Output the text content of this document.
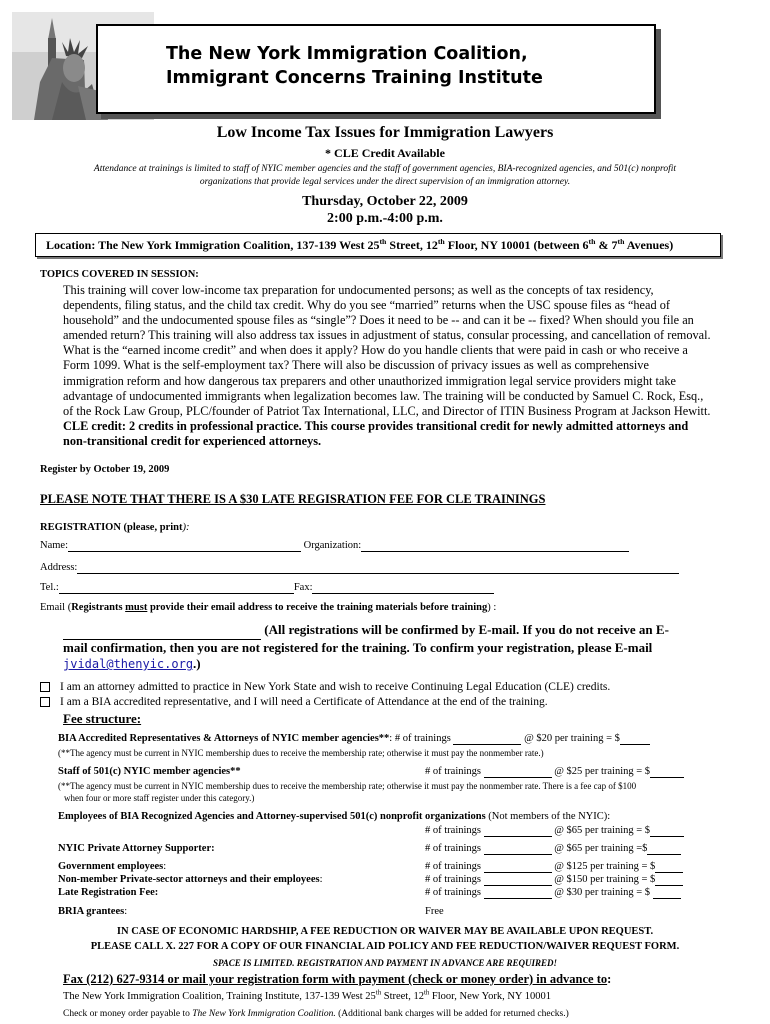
The New York Immigration Coalition,
Immigrant Concerns Training Institute
Low Income Tax Issues for Immigration Lawyers
* CLE Credit Available
Attendance at trainings is limited to staff of NYIC member agencies and the staff of government agencies, BIA-recognized agencies, and 501(c) nonprofit
organizations that provide legal services under the direct supervision of an immigration attorney.
Thursday, October 22, 2009
2:00 p.m.-4:00 p.m.
Location: The New York Immigration Coalition, 137-139 West 25th Street, 12th Floor, NY 10001 (between 6th & 7th Avenues)
TOPICS COVERED IN SESSION:
This training will cover low-income tax preparation for undocumented persons; as well as the concepts of tax residency, dependents, filing status, and the child tax credit. Why do you see “married” returns when the USC spouse files as “head of household” and the undocumented spouse files as “single”? Does it need to be -- and can it be -- fixed? When should you file an amended return? This training will also address tax issues in adjustment of status, consular processing, and cancellation of removal. What is the “earned income credit” and when does it apply? How do you handle clients that were paid in cash or who receive a Form 1099. What is the self-employment tax? There will also be discussion of privacy issues as well as comprehensive immigration reform and how dangerous tax preparers and other unauthorized immigration legal service providers might take advantage of undocumented immigrants when legalization becomes law. The training will be conducted by Samuel C. Rock, Esq., of the Rock Law Group, PLC/founder of Patriot Tax International, LLC, and Director of ITIN Business Program at Jackson Hewitt. CLE credit: 2 credits in professional practice. This course provides transitional credit for newly admitted attorneys and non-transitional credit for experienced attorneys.
Register by October 19, 2009
PLEASE NOTE THAT THERE IS A $30 LATE REGISRATION FEE FOR CLE TRAININGS
REGISTRATION (please, print):
Name:	Organization:
Address:
Tel.:	Fax:
Email (Registrants must provide their email address to receive the training materials before training) :
(All registrations will be confirmed by E-mail. If you do not receive an E-
mail confirmation, then you are not registered for the training. To confirm your registration, please E-mail
jvidal@thenyic.org.)
I am an attorney admitted to practice in New York State and wish to receive Continuing Legal Education (CLE) credits.
I am a BIA accredited representative, and I will need a Certificate of Attendance at the end of the training.
Fee structure:
BIA Accredited Representatives & Attorneys of NYIC member agencies**: # of trainings	@ $20 per training = $
(**The agency must be current in NYIC membership dues to receive the membership rate; otherwise it must pay the nonmember rate.)
Staff of 501(c) NYIC member agencies**	# of trainings	@ $25 per training = $
(**The agency must be current in NYIC membership dues to receive the membership rate; otherwise it must pay the nonmember rate. There is a fee cap of $100
when four or more staff register under this category.)
Employees of BIA Recognized Agencies and Attorney-supervised 501(c) nonprofit organizations (Not members of the NYIC):
# of trainings	@ $65 per training = $
NYIC Private Attorney Supporter:	# of trainings	@ $65 per training =$
Government employees:	# of trainings	@ $125 per training = $
Non-member Private-sector attorneys and their employees:	# of trainings	@ $150 per training = $
Late Registration Fee:	# of trainings	@ $30 per training = $
BRIA grantees:	Free
IN CASE OF ECONOMIC HARDSHIP, A FEE REDUCTION OR WAIVER MAY BE AVAILABLE UPON REQUEST.
PLEASE CALL X. 227 FOR A COPY OF OUR FINANCIAL AID POLICY AND FEE REDUCTION/WAIVER REQUEST FORM.
SPACE IS LIMITED. REGISTRATION AND PAYMENT IN ADVANCE ARE REQUIRED!
Fax (212) 627-9314 or mail your registration form with payment (check or money order) in advance to:
The New York Immigration Coalition, Training Institute, 137-139 West 25th Street, 12th Floor, New York, NY 10001
Check or money order payable to The New York Immigration Coalition. (Additional bank charges will be added for returned checks.)
